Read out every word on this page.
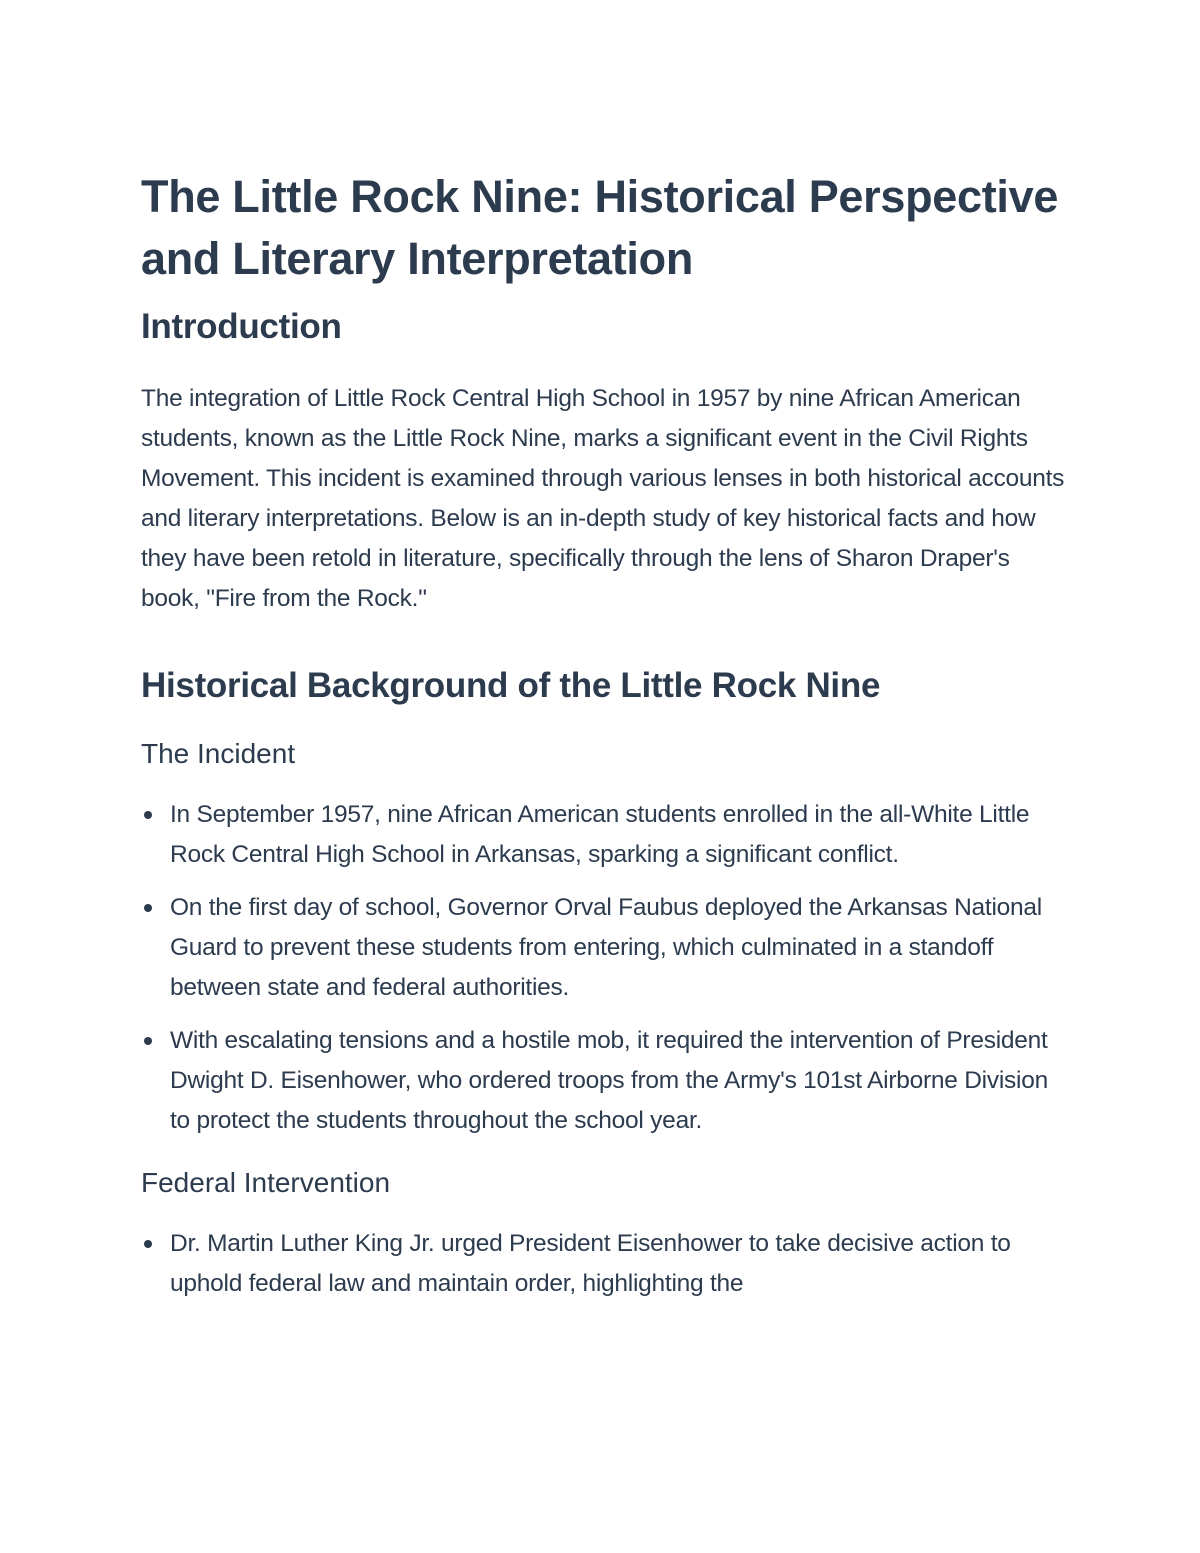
The Little Rock Nine: Historical Perspective and Literary Interpretation
Introduction

The integration of Little Rock Central High School in 1957 by nine African American students, known as the Little Rock Nine, marks a significant event in the Civil Rights Movement. This incident is examined through various lenses in both historical accounts and literary interpretations. Below is an in-depth study of key historical facts and how they have been retold in literature, specifically through the lens of Sharon Draper's book, "Fire from the Rock."

Historical Background of the Little Rock Nine
The Incident
In September 1957, nine African American students enrolled in the all-White Little Rock Central High School in Arkansas, sparking a significant conflict.
On the first day of school, Governor Orval Faubus deployed the Arkansas National Guard to prevent these students from entering, which culminated in a standoff between state and federal authorities.
With escalating tensions and a hostile mob, it required the intervention of President Dwight D. Eisenhower, who ordered troops from the Army's 101st Airborne Division to protect the students throughout the school year.
Federal Intervention
Dr. Martin Luther King Jr. urged President Eisenhower to take decisive action to uphold federal law and maintain order, highlighting the
